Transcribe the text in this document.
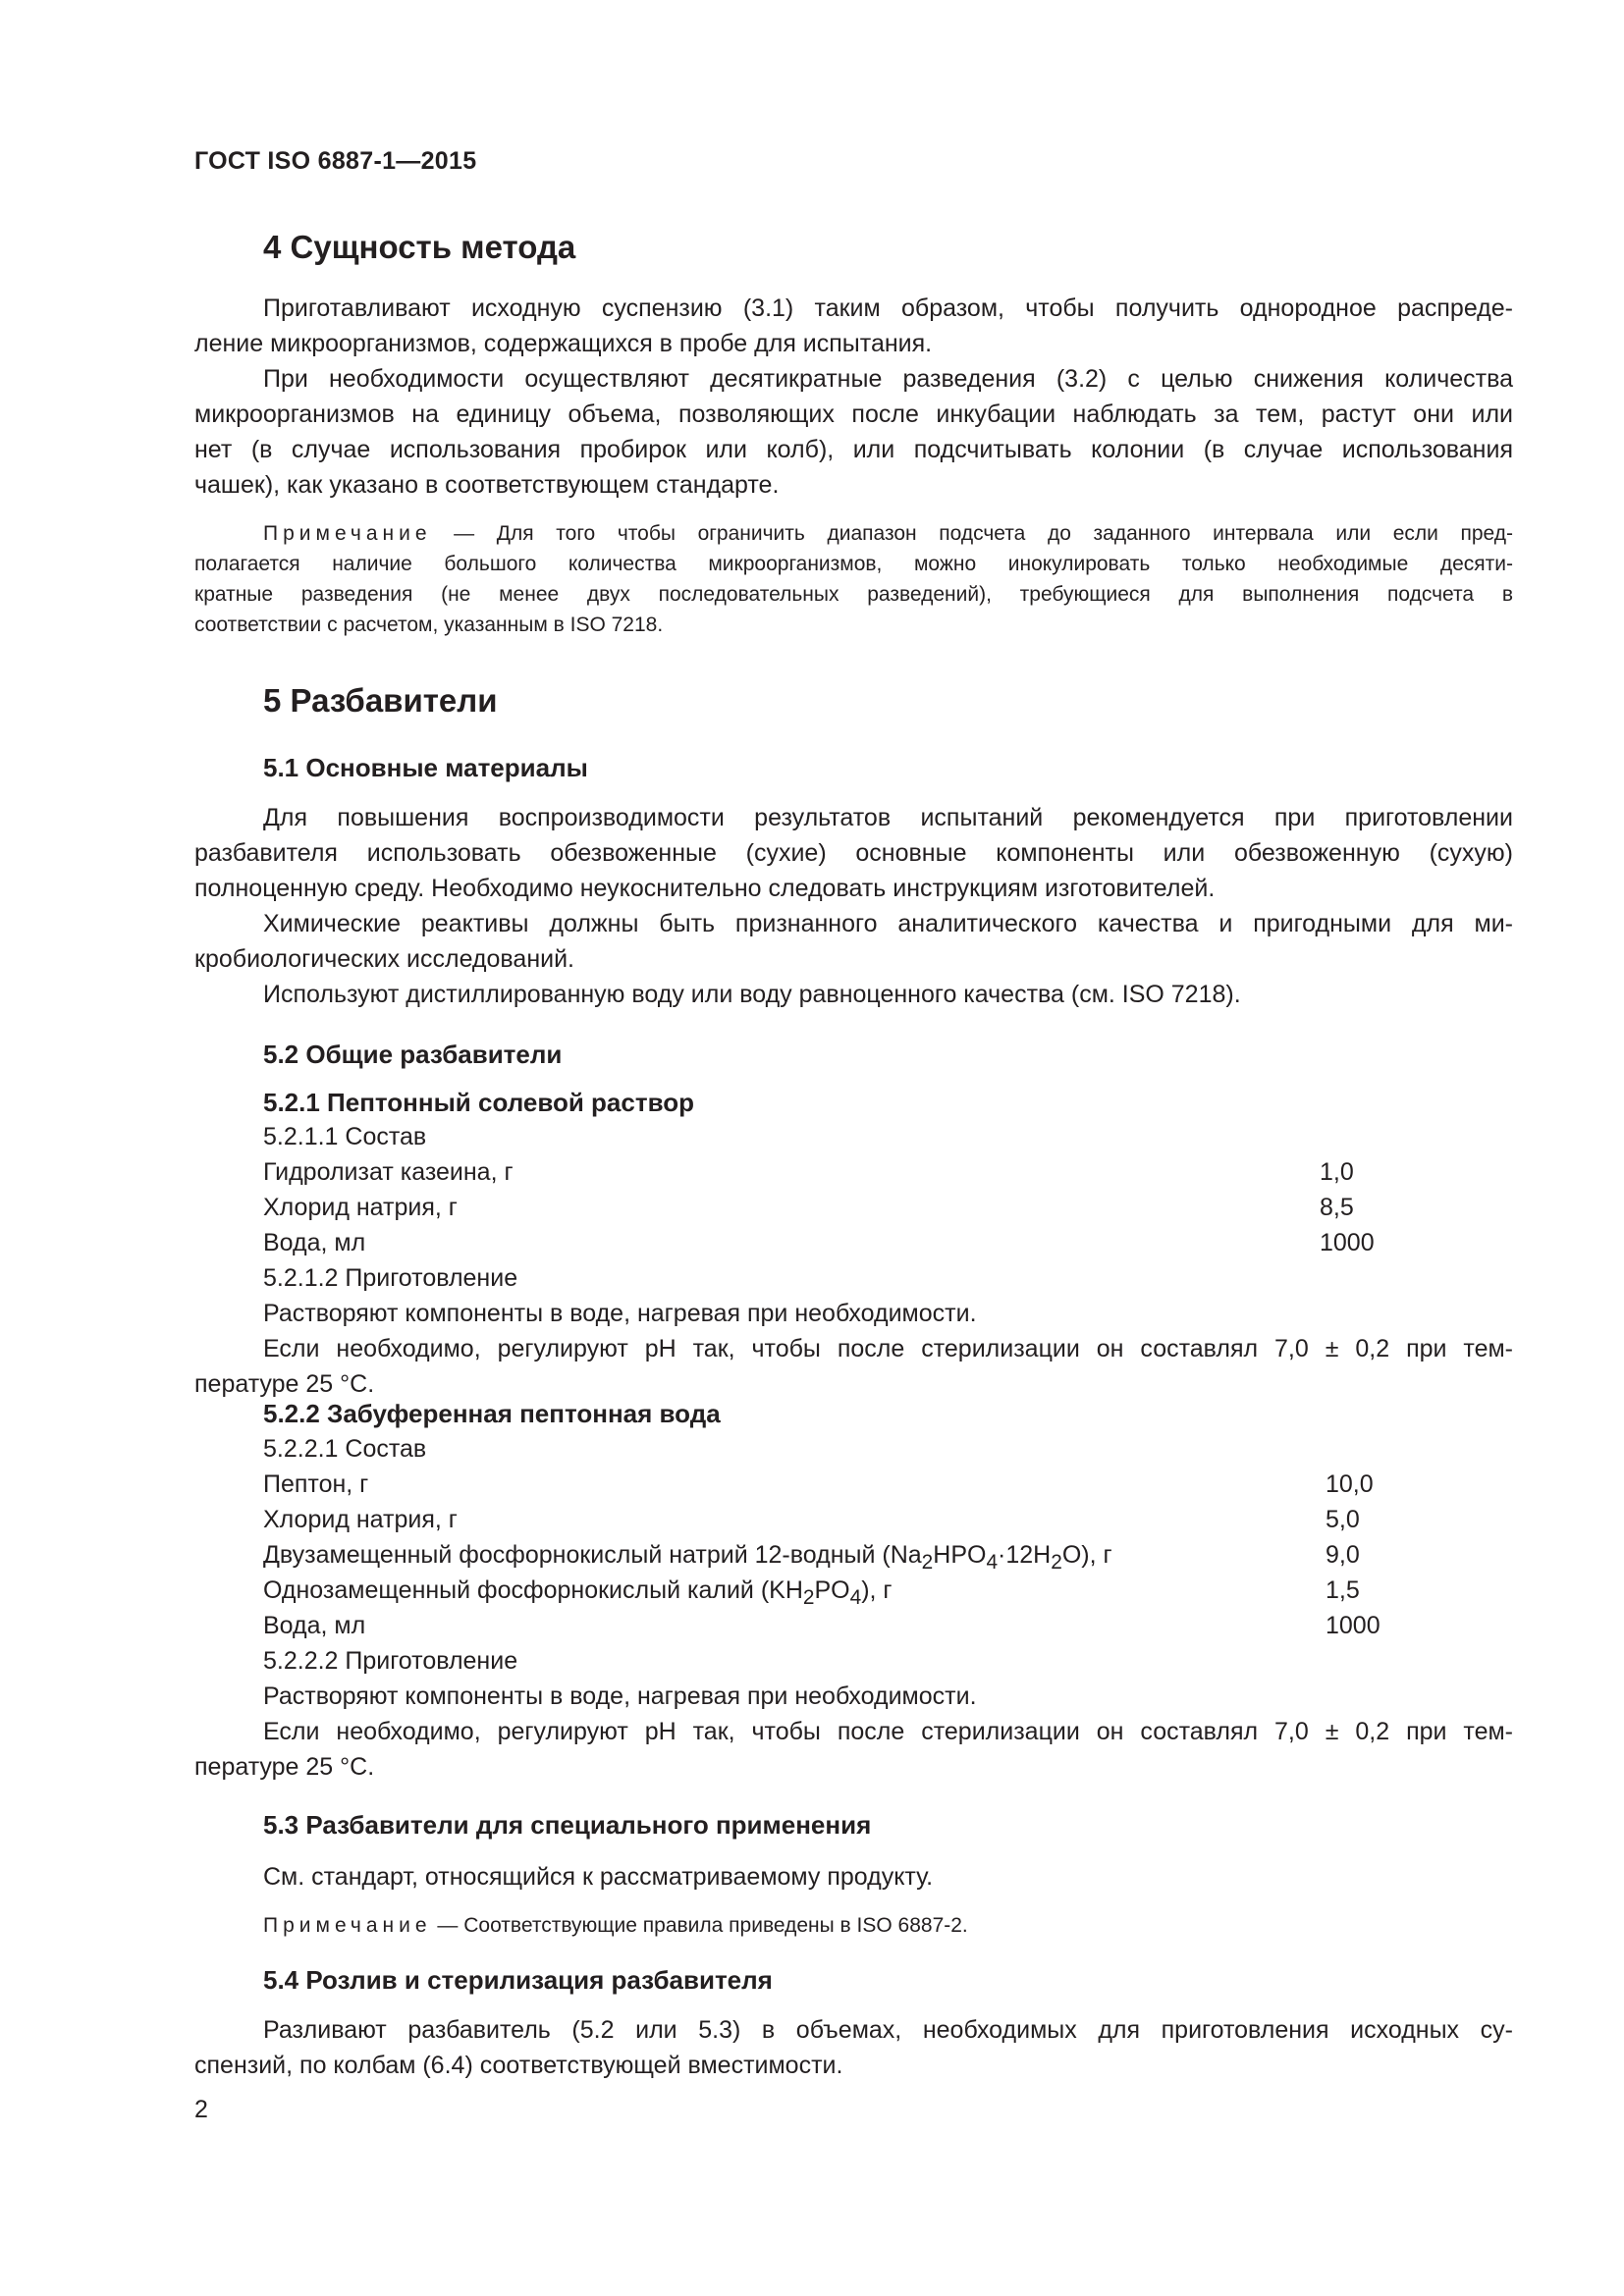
ГОСТ ISO 6887-1—2015
4 Сущность метода
Приготавливают исходную суспензию (3.1) таким образом, чтобы получить однородное распреде-
ление микроорганизмов, содержащихся в пробе для испытания.
При необходимости осуществляют десятикратные разведения (3.2) с целью снижения количества
микроорганизмов на единицу объема, позволяющих после инкубации наблюдать за тем, растут они или
нет (в случае использования пробирок или колб), или подсчитывать колонии (в случае использования
чашек), как указано в соответствующем стандарте.
Примечание — Для того чтобы ограничить диапазон подсчета до заданного интервала или если пред-
полагается наличие большого количества микроорганизмов, можно инокулировать только необходимые десяти-
кратные разведения (не менее двух последовательных разведений), требующиеся для выполнения подсчета в
соответствии с расчетом, указанным в ISO 7218.
5 Разбавители
5.1 Основные материалы
Для повышения воспроизводимости результатов испытаний рекомендуется при приготовлении
разбавителя использовать обезвоженные (сухие) основные компоненты или обезвоженную (сухую)
полноценную среду. Необходимо неукоснительно следовать инструкциям изготовителей.
Химические реактивы должны быть признанного аналитического качества и пригодными для ми-
кробиологических исследований.
Используют дистиллированную воду или воду равноценного качества (см. ISO 7218).
5.2 Общие разбавители
5.2.1 Пептонный солевой раствор
5.2.1.1 Состав
Гидролизат казеина, г	1,0
Хлорид натрия, г	8,5
Вода, мл	1000
5.2.1.2 Приготовление
Растворяют компоненты в воде, нагревая при необходимости.
Если необходимо, регулируют pH так, чтобы после стерилизации он составлял 7,0 ± 0,2 при тем-
пературе 25 °С.
5.2.2 Забуференная пептонная вода
5.2.2.1 Состав
Пептон, г	10,0
Хлорид натрия, г	5,0
Двузамещенный фосфорнокислый натрий 12-водный $(Na_2HPO_4\cdot 12H_2O)$, г	9,0
Однозамещенный фосфорнокислый калий $(KH_2PO_4)$, г	1,5
Вода, мл	1000
5.2.2.2 Приготовление
Растворяют компоненты в воде, нагревая при необходимости.
Если необходимо, регулируют pH так, чтобы после стерилизации он составлял 7,0 ± 0,2 при тем-
пературе 25 °С.
5.3 Разбавители для специального применения
См. стандарт, относящийся к рассматриваемому продукту.
Примечание — Соответствующие правила приведены в ISO 6887-2.
5.4 Розлив и стерилизация разбавителя
Разливают разбавитель (5.2 или 5.3) в объемах, необходимых для приготовления исходных су-
спензий, по колбам (6.4) соответствующей вместимости.
2
